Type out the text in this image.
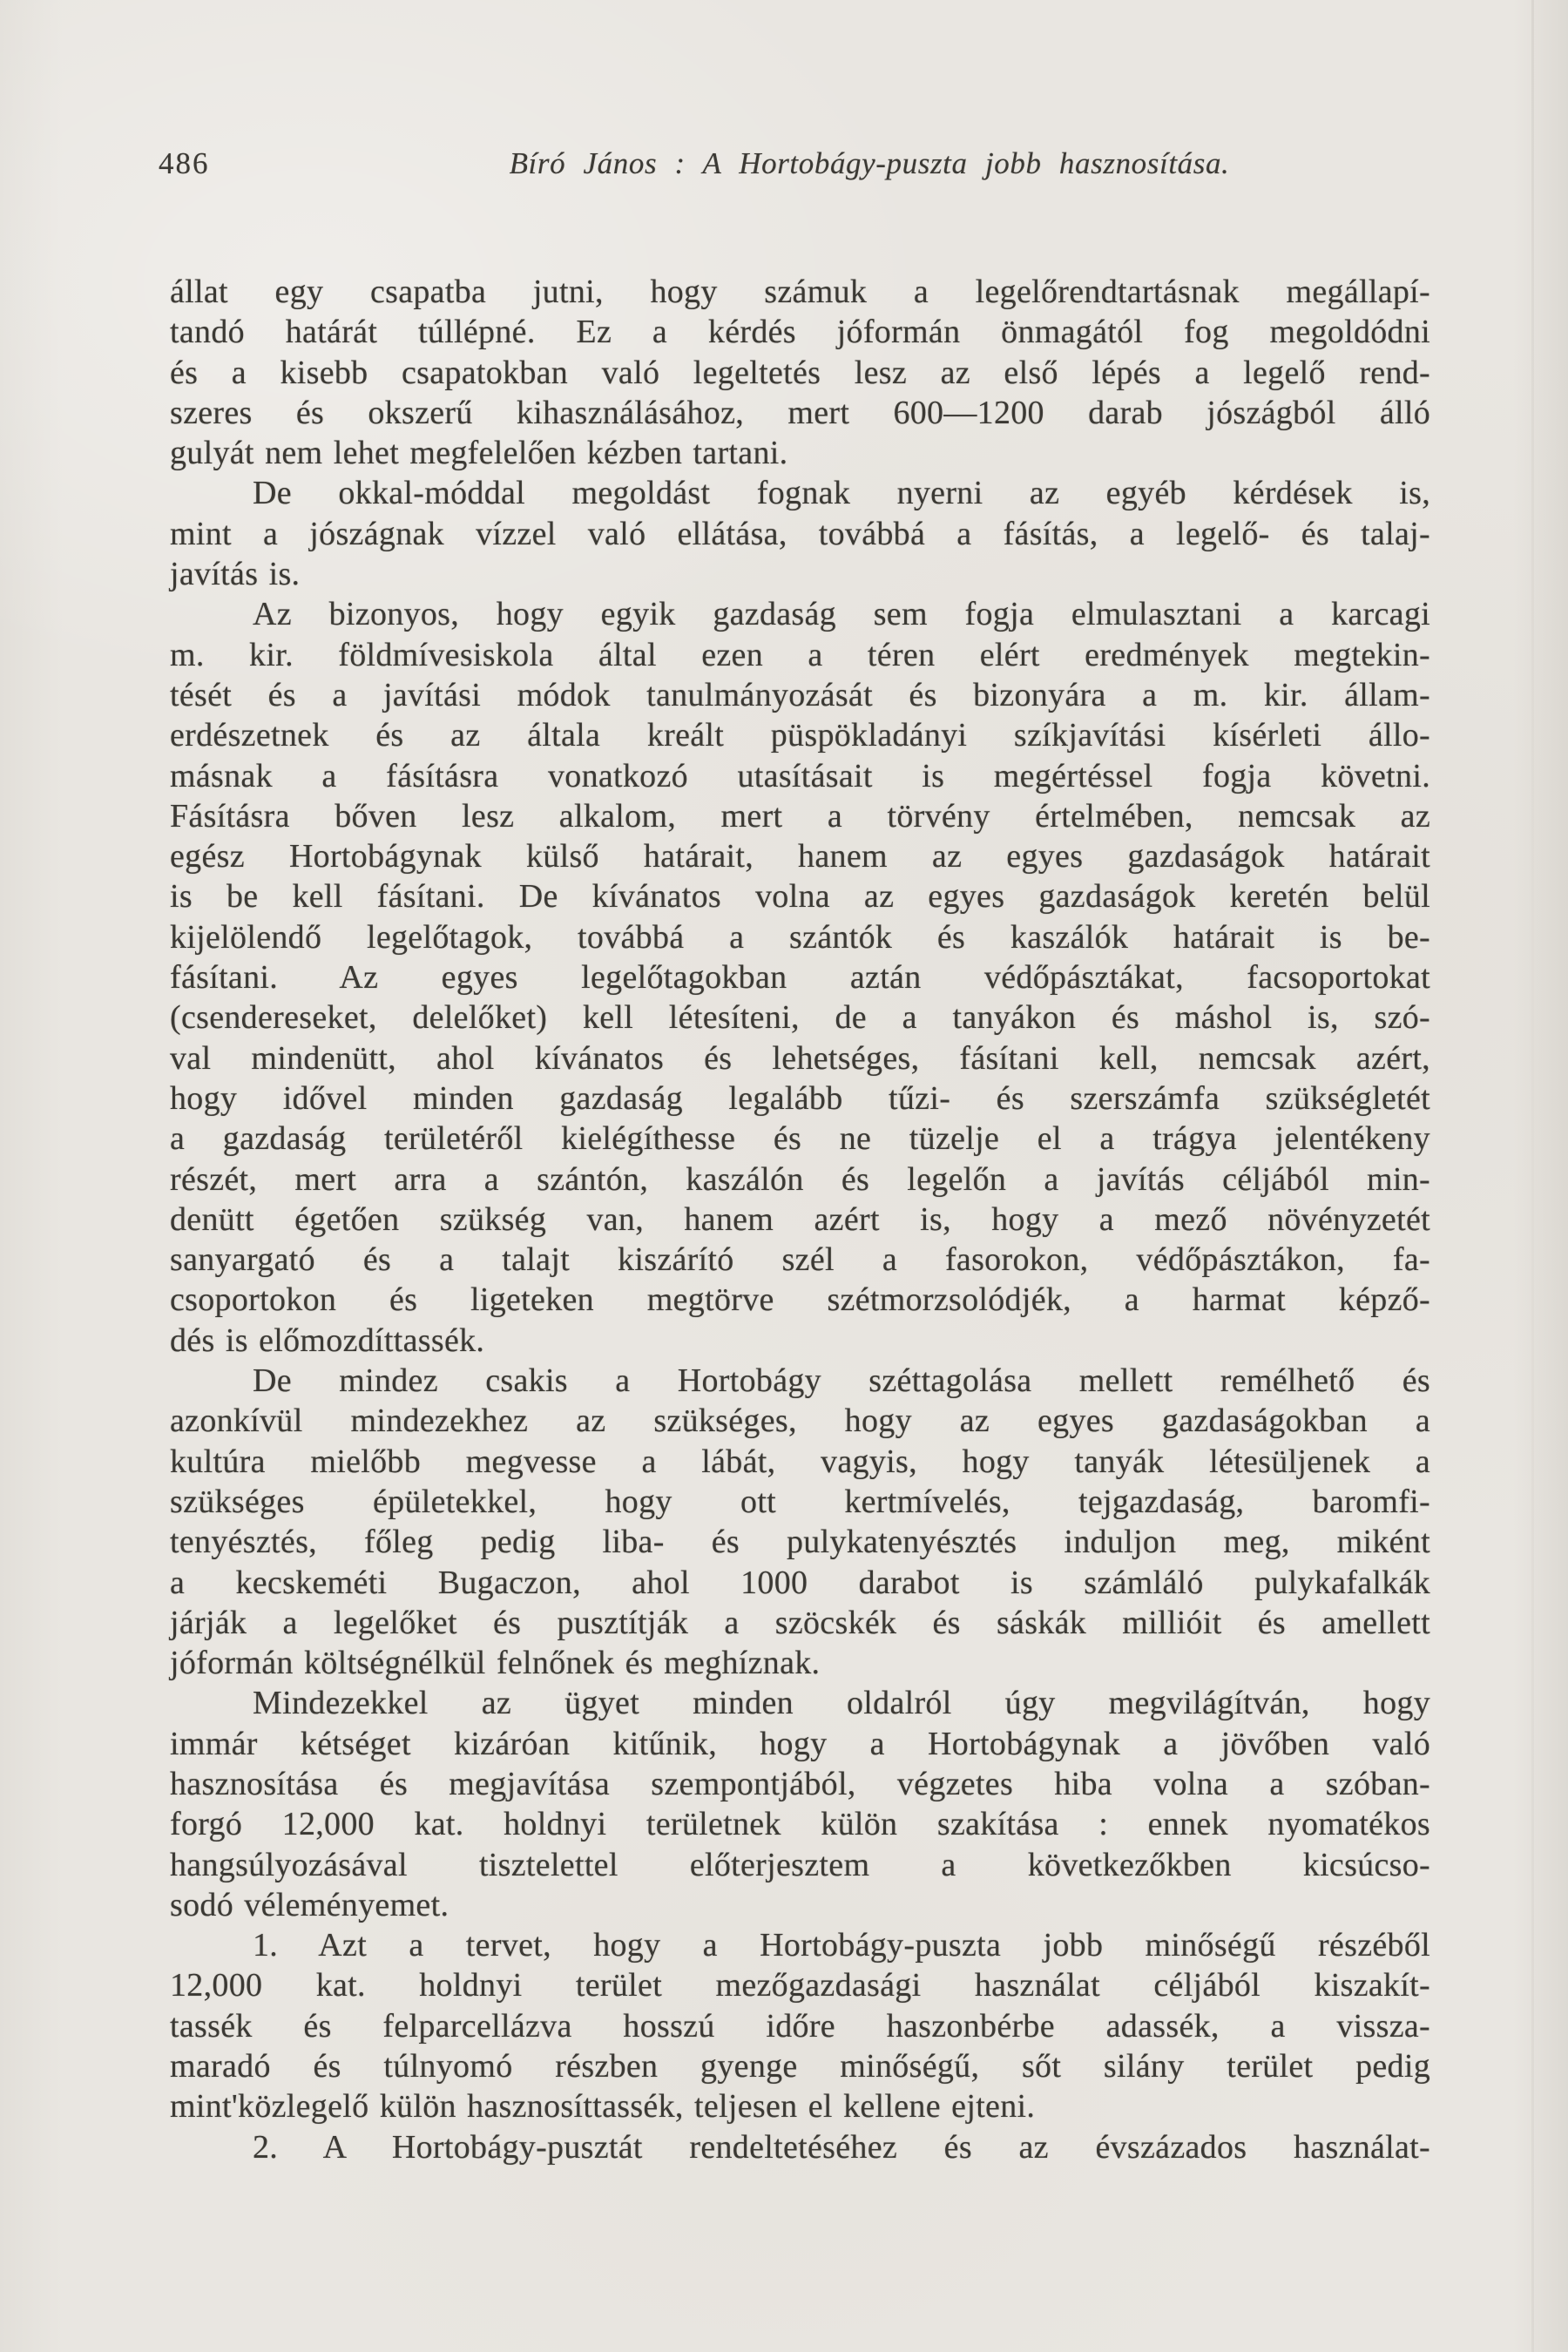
486	Bíró János : A Hortobágy-puszta jobb hasznosítása.
állat egy csapatba jutni, hogy számuk a legelőrendtartásnak megállapí-
tandó határát túllépné. Ez a kérdés jóformán önmagától fog megoldódni
és a kisebb csapatokban való legeltetés lesz az első lépés a legelő rend-
szeres és okszerű kihasználásához, mert 600—1200 darab jószágból álló
gulyát nem lehet megfelelően kézben tartani.
De okkal-móddal megoldást fognak nyerni az egyéb kérdések is,
mint a jószágnak vízzel való ellátása, továbbá a fásítás, a legelő- és talaj-
javítás is.
Az bizonyos, hogy egyik gazdaság sem fogja elmulasztani a karcagi
m. kir. földmívesiskola által ezen a téren elért eredmények megtekin-
tését és a javítási módok tanulmányozását és bizonyára a m. kir. állam-
erdészetnek és az általa kreált püspökladányi szíkjavítási kísérleti állo-
másnak a fásításra vonatkozó utasításait is megértéssel fogja követni.
Fásításra bőven lesz alkalom, mert a törvény értelmében, nemcsak az
egész Hortobágynak külső határait, hanem az egyes gazdaságok határait
is be kell fásítani. De kívánatos volna az egyes gazdaságok keretén belül
kijelölendő legelőtagok, továbbá a szántók és kaszálók határait is be-
fásítani. Az egyes legelőtagokban aztán védőpásztákat, facsoportokat
(csendereseket, delelőket) kell létesíteni, de a tanyákon és máshol is, szó-
val mindenütt, ahol kívánatos és lehetséges, fásítani kell, nemcsak azért,
hogy idővel minden gazdaság legalább tűzi- és szerszámfa szükségletét
a gazdaság területéről kielégíthesse és ne tüzelje el a trágya jelentékeny
részét, mert arra a szántón, kaszálón és legelőn a javítás céljából min-
denütt égetően szükség van, hanem azért is, hogy a mező növényzetét
sanyargató és a talajt kiszárító szél a fasorokon, védőpásztákon, fa-
csoportokon és ligeteken megtörve szétmorzsolódjék, a harmat képző-
dés is előmozdíttassék.
De mindez csakis a Hortobágy széttagolása mellett remélhető és
azonkívül mindezekhez az szükséges, hogy az egyes gazdaságokban a
kultúra mielőbb megvesse a lábát, vagyis, hogy tanyák létesüljenek a
szükséges épületekkel, hogy ott kertmívelés, tejgazdaság, baromfi-
tenyésztés, főleg pedig liba- és pulykatenyésztés induljon meg, miként
a kecskeméti Bugaczon, ahol 1000 darabot is számláló pulykafalkák
járják a legelőket és pusztítják a szöcskék és sáskák millióit és amellett
jóformán költségnélkül felnőnek és meghíznak.
Mindezekkel az ügyet minden oldalról úgy megvilágítván, hogy
immár kétséget kizáróan kitűnik, hogy a Hortobágynak a jövőben való
hasznosítása és megjavítása szempontjából, végzetes hiba volna a szóban-
forgó 12,000 kat. holdnyi területnek külön szakítása : ennek nyomatékos
hangsúlyozásával tisztelettel előterjesztem a következőkben kicsúcso-
sodó véleményemet.
1. Azt a tervet, hogy a Hortobágy-puszta jobb minőségű részéből
12,000 kat. holdnyi terület mezőgazdasági használat céljából kiszakít-
tassék és felparcellázva hosszú időre haszonbérbe adassék, a vissza-
maradó és túlnyomó részben gyenge minőségű, sőt silány terület pedig
mint'közlegelő külön hasznosíttassék, teljesen el kellene ejteni.
2. A Hortobágy-pusztát rendeltetéséhez és az évszázados használat-
